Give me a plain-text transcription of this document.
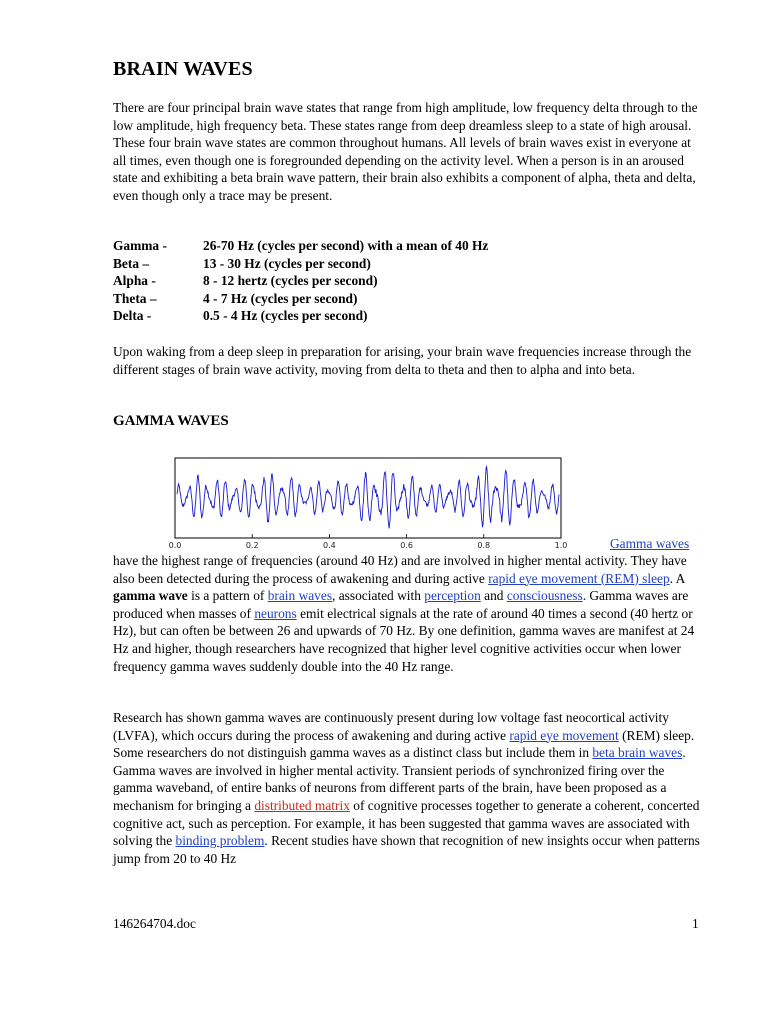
BRAIN WAVES
There are four principal brain wave states that range from high amplitude, low frequency delta through to the low amplitude, high frequency beta. These states range from deep dreamless sleep to a state of high arousal. These four brain wave states are common throughout humans. All levels of brain waves exist in everyone at all times, even though one is foregrounded depending on the activity level. When a person is in an aroused state and exhibiting a beta brain wave pattern, their brain also exhibits a component of alpha, theta and delta, even though only a trace may be present.
Gamma -	26-70 Hz (cycles per second) with a mean of 40 Hz
Beta –	13 - 30 Hz (cycles per second)
Alpha -	8 - 12 hertz (cycles per second)
Theta –	4 - 7 Hz (cycles per second)
Delta -	0.5 - 4 Hz (cycles per second)
Upon waking from a deep sleep in preparation for arising, your brain wave frequencies increase through the different stages of brain wave activity, moving from delta to theta and then to alpha and into beta.
GAMMA WAVES
0.0	0.2	0.4	0.6	0.8	1.0	Gamma waves
have the highest range of frequencies (around 40 Hz) and are involved in higher mental activity. They have also been detected during the process of awakening and during active rapid eye movement (REM) sleep. A gamma wave is a pattern of brain waves, associated with perception and consciousness. Gamma waves are produced when masses of neurons emit electrical signals at the rate of around 40 times a second (40 hertz or Hz), but can often be between 26 and upwards of 70 Hz. By one definition, gamma waves are manifest at 24 Hz and higher, though researchers have recognized that higher level cognitive activities occur when lower frequency gamma waves suddenly double into the 40 Hz range.
Research has shown gamma waves are continuously present during low voltage fast neocortical activity (LVFA), which occurs during the process of awakening and during active rapid eye movement (REM) sleep. Some researchers do not distinguish gamma waves as a distinct class but include them in beta brain waves. Gamma waves are involved in higher mental activity. Transient periods of synchronized firing over the gamma waveband, of entire banks of neurons from different parts of the brain, have been proposed as a mechanism for bringing a distributed matrix of cognitive processes together to generate a coherent, concerted cognitive act, such as perception. For example, it has been suggested that gamma waves are associated with solving the binding problem. Recent studies have shown that recognition of new insights occur when patterns jump from 20 to 40 Hz
146264704.doc	1
